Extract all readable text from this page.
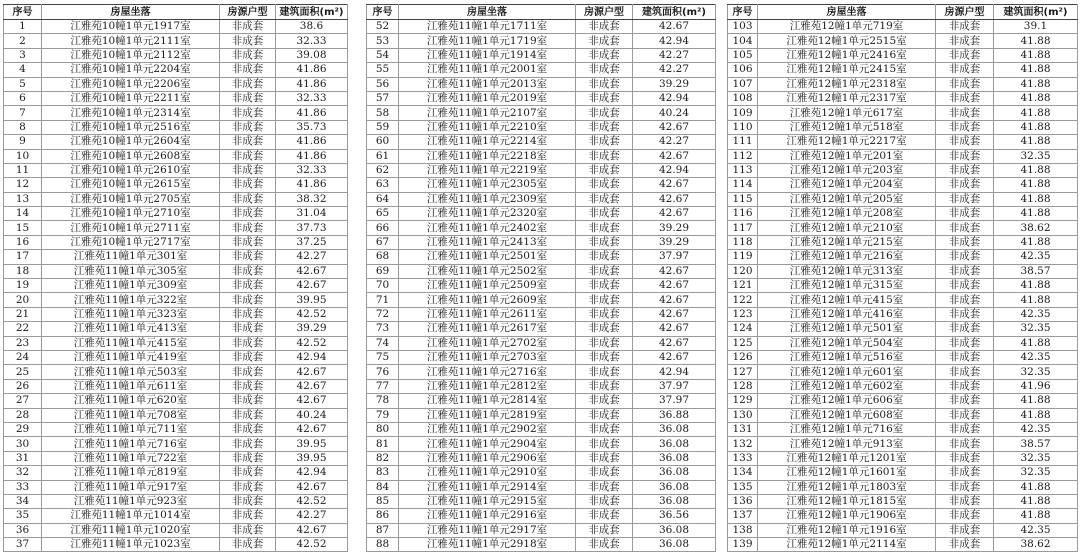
序号	房屋坐落	房源户型	建筑面积(m²)
1	江雅苑10幢1单元1917室	非成套	38.6
2	江雅苑10幢1单元2111室	非成套	32.33
3	江雅苑10幢1单元2112室	非成套	39.08
4	江雅苑10幢1单元2204室	非成套	41.86
5	江雅苑10幢1单元2206室	非成套	41.86
6	江雅苑10幢1单元2211室	非成套	32.33
7	江雅苑10幢1单元2314室	非成套	41.86
8	江雅苑10幢1单元2516室	非成套	35.73
9	江雅苑10幢1单元2604室	非成套	41.86
10	江雅苑10幢1单元2608室	非成套	41.86
11	江雅苑10幢1单元2610室	非成套	32.33
12	江雅苑10幢1单元2615室	非成套	41.86
13	江雅苑10幢1单元2705室	非成套	38.32
14	江雅苑10幢1单元2710室	非成套	31.04
15	江雅苑10幢1单元2711室	非成套	37.73
16	江雅苑10幢1单元2717室	非成套	37.25
17	江雅苑11幢1单元301室	非成套	42.27
18	江雅苑11幢1单元305室	非成套	42.67
19	江雅苑11幢1单元309室	非成套	42.67
20	江雅苑11幢1单元322室	非成套	39.95
21	江雅苑11幢1单元323室	非成套	42.52
22	江雅苑11幢1单元413室	非成套	39.29
23	江雅苑11幢1单元415室	非成套	42.52
24	江雅苑11幢1单元419室	非成套	42.94
25	江雅苑11幢1单元503室	非成套	42.67
26	江雅苑11幢1单元611室	非成套	42.67
27	江雅苑11幢1单元620室	非成套	42.67
28	江雅苑11幢1单元708室	非成套	40.24
29	江雅苑11幢1单元711室	非成套	42.67
30	江雅苑11幢1单元716室	非成套	39.95
31	江雅苑11幢1单元722室	非成套	39.95
32	江雅苑11幢1单元819室	非成套	42.94
33	江雅苑11幢1单元917室	非成套	42.67
34	江雅苑11幢1单元923室	非成套	42.52
35	江雅苑11幢1单元1014室	非成套	42.27
36	江雅苑11幢1单元1020室	非成套	42.67
37	江雅苑11幢1单元1023室	非成套	42.52
序号	房屋坐落	房源户型	建筑面积(m²)
52	江雅苑11幢1单元1711室	非成套	42.67
53	江雅苑11幢1单元1719室	非成套	42.94
54	江雅苑11幢1单元1914室	非成套	42.27
55	江雅苑11幢1单元2001室	非成套	42.27
56	江雅苑11幢1单元2013室	非成套	39.29
57	江雅苑11幢1单元2019室	非成套	42.94
58	江雅苑11幢1单元2107室	非成套	40.24
59	江雅苑11幢1单元2210室	非成套	42.67
60	江雅苑11幢1单元2214室	非成套	42.27
61	江雅苑11幢1单元2218室	非成套	42.67
62	江雅苑11幢1单元2219室	非成套	42.94
63	江雅苑11幢1单元2305室	非成套	42.67
64	江雅苑11幢1单元2309室	非成套	42.67
65	江雅苑11幢1单元2320室	非成套	42.67
66	江雅苑11幢1单元2402室	非成套	39.29
67	江雅苑11幢1单元2413室	非成套	39.29
68	江雅苑11幢1单元2501室	非成套	37.97
69	江雅苑11幢1单元2502室	非成套	42.67
70	江雅苑11幢1单元2509室	非成套	42.67
71	江雅苑11幢1单元2609室	非成套	42.67
72	江雅苑11幢1单元2611室	非成套	42.67
73	江雅苑11幢1单元2617室	非成套	42.67
74	江雅苑11幢1单元2702室	非成套	42.67
75	江雅苑11幢1单元2703室	非成套	42.67
76	江雅苑11幢1单元2716室	非成套	42.94
77	江雅苑11幢1单元2812室	非成套	37.97
78	江雅苑11幢1单元2814室	非成套	37.97
79	江雅苑11幢1单元2819室	非成套	36.88
80	江雅苑11幢1单元2902室	非成套	36.08
81	江雅苑11幢1单元2904室	非成套	36.08
82	江雅苑11幢1单元2906室	非成套	36.08
83	江雅苑11幢1单元2910室	非成套	36.08
84	江雅苑11幢1单元2914室	非成套	36.08
85	江雅苑11幢1单元2915室	非成套	36.08
86	江雅苑11幢1单元2916室	非成套	36.56
87	江雅苑11幢1单元2917室	非成套	36.08
88	江雅苑11幢1单元2918室	非成套	36.08
序号	房屋坐落	房源户型	建筑面积(m²)
103	江雅苑12幢1单元719室	非成套	39.1
104	江雅苑12幢1单元2515室	非成套	41.88
105	江雅苑12幢1单元2416室	非成套	41.88
106	江雅苑12幢1单元2415室	非成套	41.88
107	江雅苑12幢1单元2318室	非成套	41.88
108	江雅苑12幢1单元2317室	非成套	41.88
109	江雅苑12幢1单元617室	非成套	41.88
110	江雅苑12幢1单元518室	非成套	41.88
111	江雅苑12幢1单元2217室	非成套	41.88
112	江雅苑12幢1单元201室	非成套	32.35
113	江雅苑12幢1单元203室	非成套	41.88
114	江雅苑12幢1单元204室	非成套	41.88
115	江雅苑12幢1单元205室	非成套	41.88
116	江雅苑12幢1单元208室	非成套	41.88
117	江雅苑12幢1单元210室	非成套	38.62
118	江雅苑12幢1单元215室	非成套	41.88
119	江雅苑12幢1单元216室	非成套	42.35
120	江雅苑12幢1单元313室	非成套	38.57
121	江雅苑12幢1单元315室	非成套	41.88
122	江雅苑12幢1单元415室	非成套	41.88
123	江雅苑12幢1单元416室	非成套	42.35
124	江雅苑12幢1单元501室	非成套	32.35
125	江雅苑12幢1单元504室	非成套	41.88
126	江雅苑12幢1单元516室	非成套	42.35
127	江雅苑12幢1单元601室	非成套	32.35
128	江雅苑12幢1单元602室	非成套	41.96
129	江雅苑12幢1单元606室	非成套	41.88
130	江雅苑12幢1单元608室	非成套	41.88
131	江雅苑12幢1单元716室	非成套	42.35
132	江雅苑12幢1单元913室	非成套	38.57
133	江雅苑12幢1单元1201室	非成套	32.35
134	江雅苑12幢1单元1601室	非成套	32.35
135	江雅苑12幢1单元1803室	非成套	41.88
136	江雅苑12幢1单元1815室	非成套	41.88
137	江雅苑12幢1单元1906室	非成套	41.88
138	江雅苑12幢1单元1916室	非成套	42.35
139	江雅苑12幢1单元2114室	非成套	38.62
